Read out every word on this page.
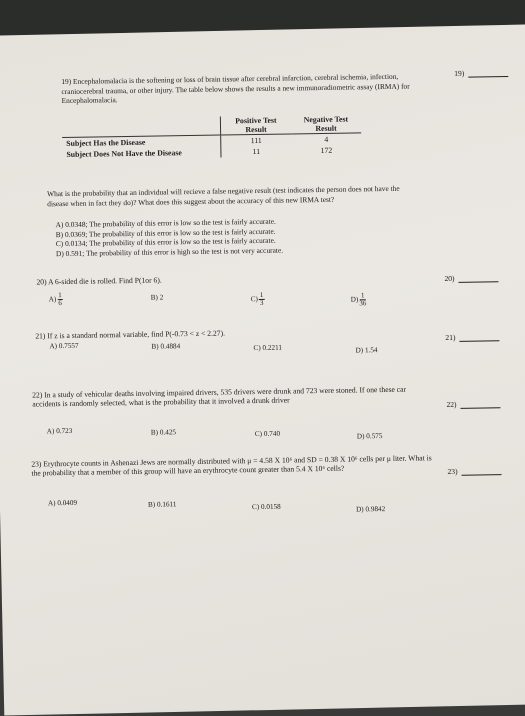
19) Encephalomalacia is the softening or loss of brain tissue after cerebral infarction, cerebral ischemia, infection, craniocerebral trauma, or other injury. The table below shows the results a new immunoradiometric assay (IRMA) for Encephalomalacia.
19)
	Positive Test Result	Negative Test Result
Subject Has the Disease	111	4
Subject Does Not Have the Disease	11	172
What is the probability that an individual will recieve a false negative result (test indicates the person does not have the disease when in fact they do)? What does this suggest about the accuracy of this new IRMA test?
A) 0.0348; The probability of this error is low so the test is fairly accurate.
B) 0.0369; The probability of this error is low so the test is fairly accurate.
C) 0.0134; The probability of this error is low so the test is fairly accurate.
D) 0.591; The probability of this error is high so the test is not very accurate.
20) A 6-sided die is rolled. Find P(1or 6).	20)
$A) \frac{1}{6}$	B) 2	$C) \frac{1}{3}$	$D) \frac{1}{36}$
21) If z is a standard normal variable, find P(-0.73 < z < 2.27).	21)
A) 0.7557	B) 0.4884	C) 0.2211	D) 1.54
22) In a study of vehicular deaths involving impaired drivers, 535 drivers were drunk and 723 were stoned. If one these car accidents is randomly selected, what is the probability that it involved a drunk driver	22)
A) 0.723	B) 0.425	C) 0.740	D) 0.575
23) Erythrocyte counts in Ashenazi Jews are normally distributed with μ = 4.58 X 10⁶ and SD = 0.38 X 10⁶ cells per μ liter. What is the probability that a member of this group will have an erythrocyte count greater than 5.4 X 10⁶ cells?	23)
A) 0.0409	B) 0.1611	C) 0.0158	D) 0.9842
